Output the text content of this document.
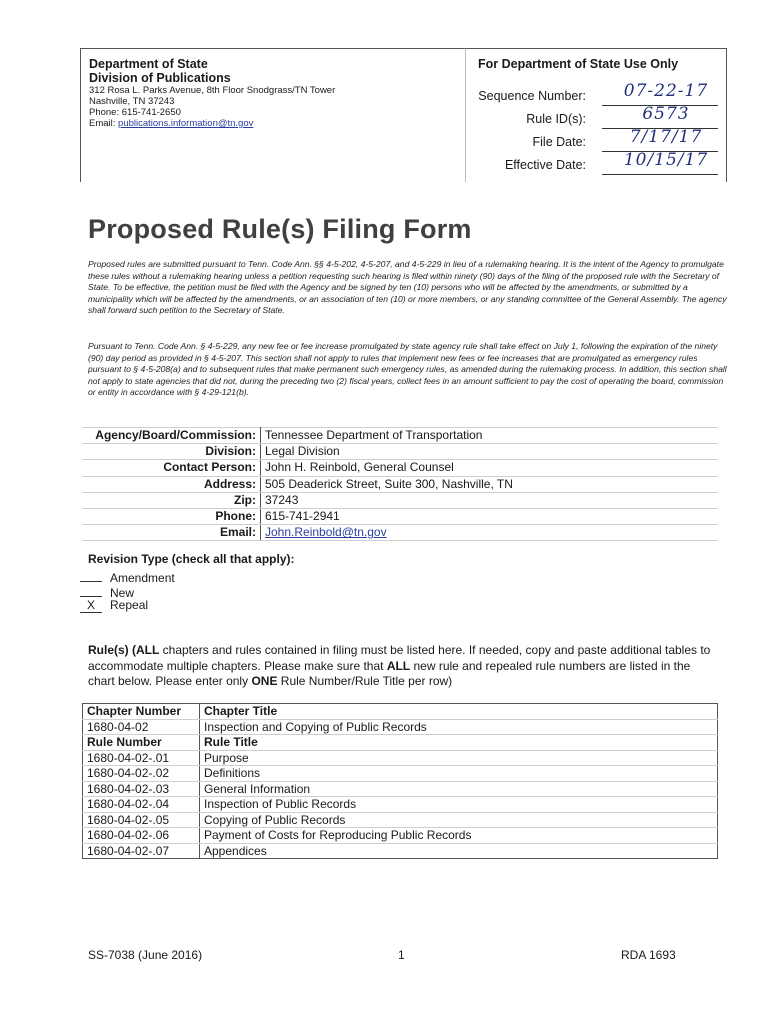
Department of State
Division of Publications
312 Rosa L. Parks Avenue, 8th Floor Snodgrass/TN Tower
Nashville, TN 37243
Phone: 615-741-2650
Email: publications.information@tn.gov
For Department of State Use Only
Sequence Number:	07-22-17
Rule ID(s):	6573
File Date:	7/17/17
Effective Date:	10/15/17
Proposed Rule(s) Filing Form
Proposed rules are submitted pursuant to Tenn. Code Ann. §§ 4-5-202, 4-5-207, and 4-5-229 in lieu of a rulemaking hearing. It is the intent of the Agency to promulgate these rules without a rulemaking hearing unless a petition requesting such hearing is filed within ninety (90) days of the filing of the proposed rule with the Secretary of State. To be effective, the petition must be filed with the Agency and be signed by ten (10) persons who will be affected by the amendments, or submitted by a municipality which will be affected by the amendments, or an association of ten (10) or more members, or any standing committee of the General Assembly. The agency shall forward such petition to the Secretary of State.
Pursuant to Tenn. Code Ann. § 4-5-229, any new fee or fee increase promulgated by state agency rule shall take effect on July 1, following the expiration of the ninety (90) day period as provided in § 4-5-207. This section shall not apply to rules that implement new fees or fee increases that are promulgated as emergency rules pursuant to § 4-5-208(a) and to subsequent rules that make permanent such emergency rules, as amended during the rulemaking process. In addition, this section shall not apply to state agencies that did not, during the preceding two (2) fiscal years, collect fees in an amount sufficient to pay the cost of operating the board, commission or entity in accordance with § 4-29-121(b).
Agency/Board/Commission:	Tennessee Department of Transportation
Division:	Legal Division
Contact Person:	John H. Reinbold, General Counsel
Address:	505 Deaderick Street, Suite 300, Nashville, TN
Zip:	37243
Phone:	615-741-2941
Email:	John.Reinbold@tn.gov
Revision Type (check all that apply):
Amendment
New
X Repeal
Rule(s) (ALL chapters and rules contained in filing must be listed here. If needed, copy and paste additional tables to accommodate multiple chapters. Please make sure that ALL new rule and repealed rule numbers are listed in the chart below. Please enter only ONE Rule Number/Rule Title per row)
Chapter Number	Chapter Title
1680-04-02	Inspection and Copying of Public Records
Rule Number	Rule Title
1680-04-02-.01	Purpose
1680-04-02-.02	Definitions
1680-04-02-.03	General Information
1680-04-02-.04	Inspection of Public Records
1680-04-02-.05	Copying of Public Records
1680-04-02-.06	Payment of Costs for Reproducing Public Records
1680-04-02-.07	Appendices
SS-7038 (June 2016)	1	RDA 1693
